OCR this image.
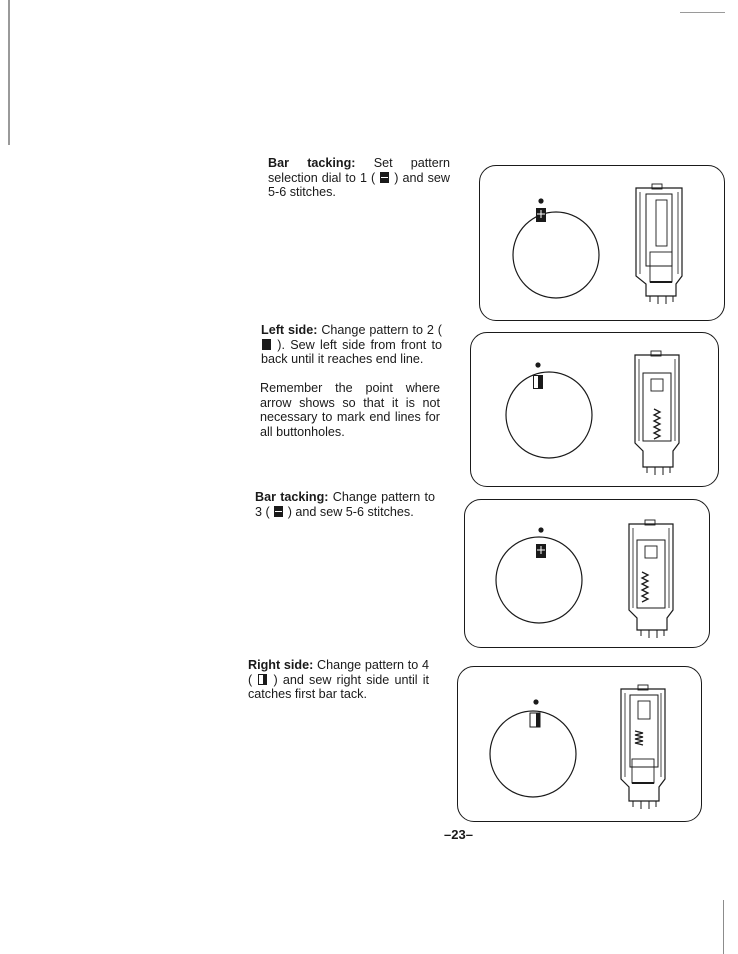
Bar tacking: Set pattern selection dial to 1 ( ) and sew 5-6 stitches.
Left side: Change pattern to 2 (  ). Sew left side from front to back until it reaches end line.
Remember the point where arrow shows so that it is not necessary to mark end lines for all buttonholes.
Bar tacking: Change pattern to 3 ( ) and sew 5-6 stitches.
Right side: Change pattern to 4 ( ) and sew right side until it catches first bar tack.
–23–
